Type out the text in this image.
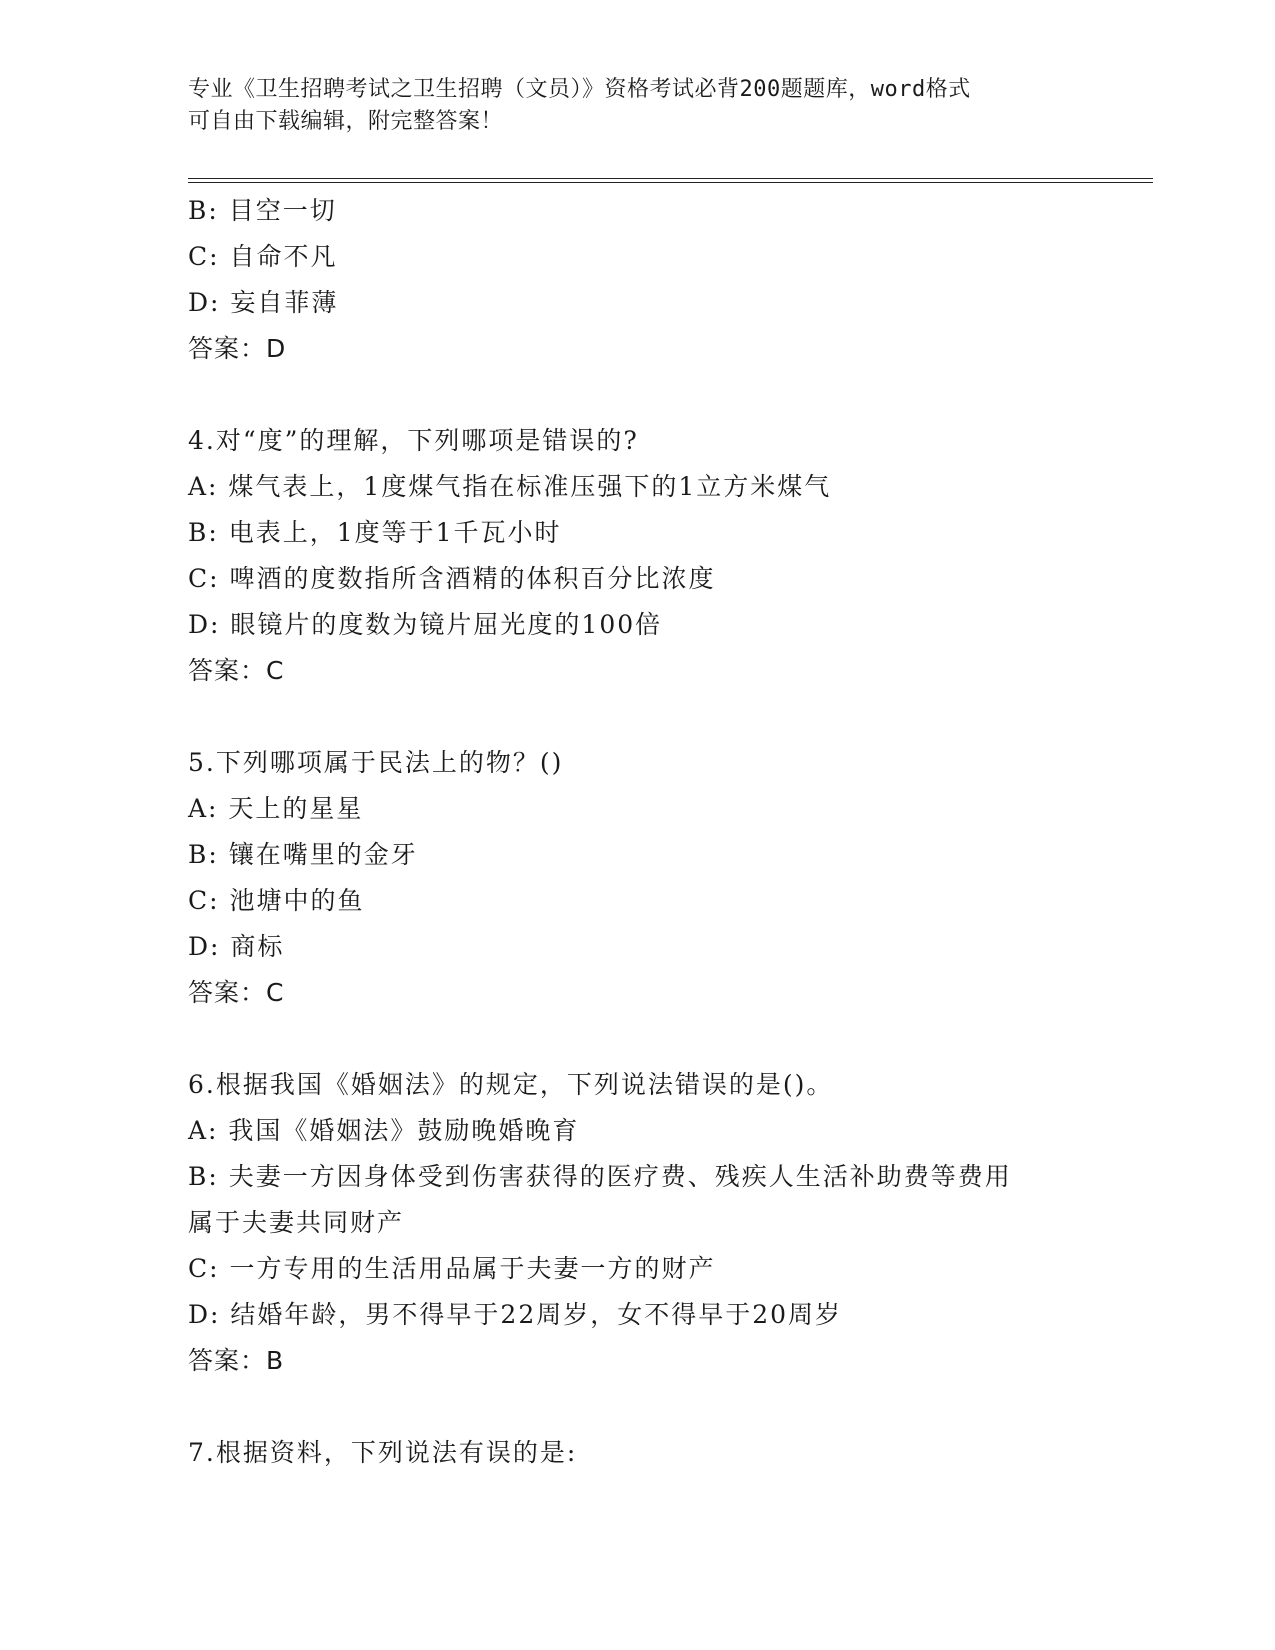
专业《卫生招聘考试之卫生招聘（文员）》资格考试必背200题题库，word格式
可自由下载编辑，附完整答案！
B: 目空一切
C: 自命不凡
D: 妄自菲薄
答案：D
4.对“度”的理解，下列哪项是错误的?
A: 煤气表上，1度煤气指在标准压强下的1立方米煤气
B: 电表上，1度等于1千瓦小时
C: 啤酒的度数指所含酒精的体积百分比浓度
D: 眼镜片的度数为镜片屈光度的100倍
答案：C
5.下列哪项属于民法上的物？()
A: 天上的星星
B: 镶在嘴里的金牙
C: 池塘中的鱼
D: 商标
答案：C
6.根据我国《婚姻法》的规定，下列说法错误的是()。
A: 我国《婚姻法》鼓励晚婚晚育
B: 夫妻一方因身体受到伤害获得的医疗费、残疾人生活补助费等费用
属于夫妻共同财产
C: 一方专用的生活用品属于夫妻一方的财产
D: 结婚年龄，男不得早于22周岁，女不得早于20周岁
答案：B
7.根据资料，下列说法有误的是:
